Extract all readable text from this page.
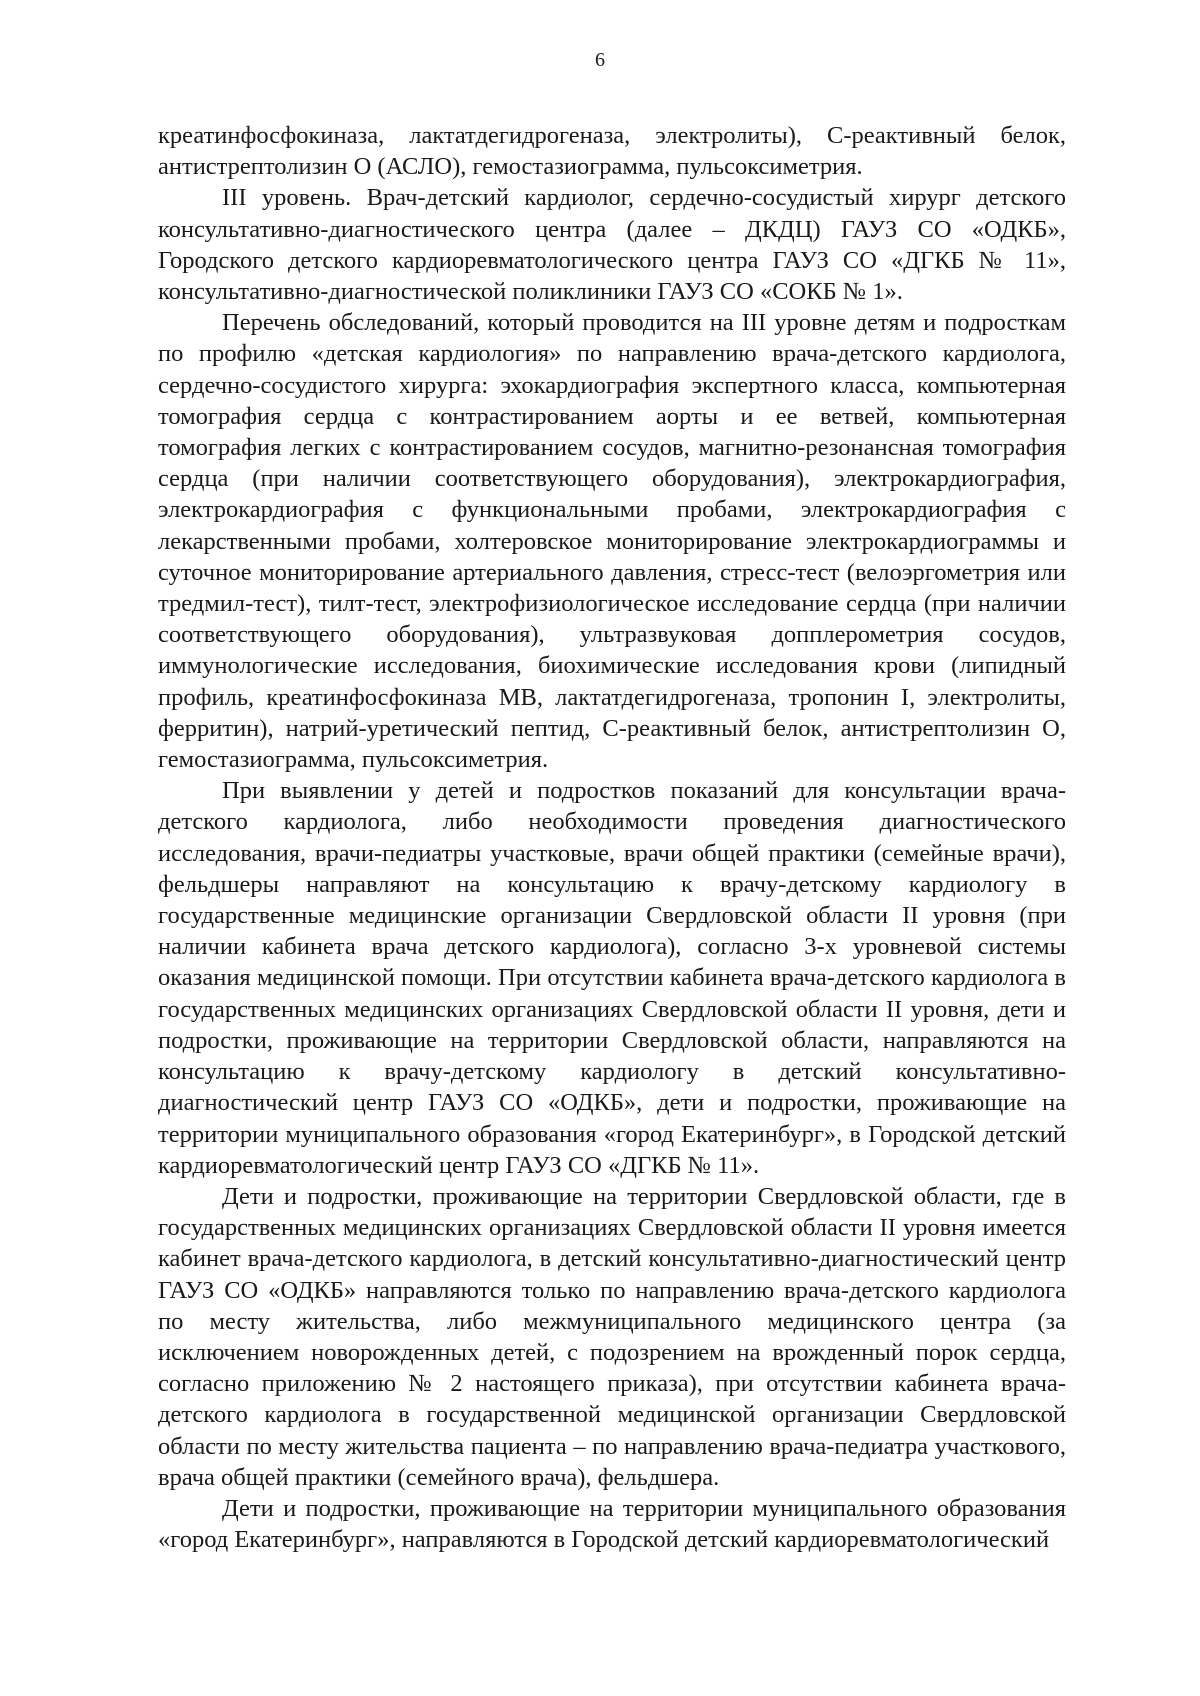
6

креатинфосфокиназа, лактатдегидрогеназа, электролиты), С-реактивный белок, антистрептолизин О (АСЛО), гемостазиограмма, пульсоксиметрия.

III уровень. Врач-детский кардиолог, сердечно-сосудистый хирург детского консультативно-диагностического центра (далее – ДКДЦ) ГАУЗ СО «ОДКБ», Городского детского кардиоревматологического центра ГАУЗ СО «ДГКБ № 11», консультативно-диагностической поликлиники ГАУЗ СО «СОКБ № 1».

Перечень обследований, который проводится на III уровне детям и подросткам по профилю «детская кардиология» по направлению врача-детского кардиолога, сердечно-сосудистого хирурга: эхокардиография экспертного класса, компьютерная томография сердца с контрастированием аорты и ее ветвей, компьютерная томография легких с контрастированием сосудов, магнитно-резонансная томография сердца (при наличии соответствующего оборудования), электрокардиография, электрокардиография с функциональными пробами, электрокардиография с лекарственными пробами, холтеровское мониторирование электрокардиограммы и суточное мониторирование артериального давления, стресс-тест (велоэргометрия или тредмил-тест), тилт-тест, электрофизиологическое исследование сердца (при наличии соответствующего оборудования), ультразвуковая допплерометрия сосудов, иммунологические исследования, биохимические исследования крови (липидный профиль, креатинфосфокиназа МВ, лактатдегидрогеназа, тропонин I, электролиты, ферритин), натрий-уретический пептид, С-реактивный белок, антистрептолизин О, гемостазиограмма, пульсоксиметрия.

При выявлении у детей и подростков показаний для консультации врача-детского кардиолога, либо необходимости проведения диагностического исследования, врачи-педиатры участковые, врачи общей практики (семейные врачи), фельдшеры направляют на консультацию к врачу-детскому кардиологу в государственные медицинские организации Свердловской области II уровня (при наличии кабинета врача детского кардиолога), согласно 3-х уровневой системы оказания медицинской помощи. При отсутствии кабинета врача-детского кардиолога в государственных медицинских организациях Свердловской области II уровня, дети и подростки, проживающие на территории Свердловской области, направляются на консультацию к врачу-детскому кардиологу в детский консультативно-диагностический центр ГАУЗ СО «ОДКБ», дети и подростки, проживающие на территории муниципального образования «город Екатеринбург», в Городской детский кардиоревматологический центр ГАУЗ СО «ДГКБ № 11».

Дети и подростки, проживающие на территории Свердловской области, где в государственных медицинских организациях Свердловской области II уровня имеется кабинет врача-детского кардиолога, в детский консультативно-диагностический центр ГАУЗ СО «ОДКБ» направляются только по направлению врача-детского кардиолога по месту жительства, либо межмуниципального медицинского центра (за исключением новорожденных детей, с подозрением на врожденный порок сердца, согласно приложению № 2 настоящего приказа), при отсутствии кабинета врача-детского кардиолога в государственной медицинской организации Свердловской области по месту жительства пациента – по направлению врача-педиатра участкового, врача общей практики (семейного врача), фельдшера.

Дети и подростки, проживающие на территории муниципального образования «город Екатеринбург», направляются в Городской детский кардиоревматологический
